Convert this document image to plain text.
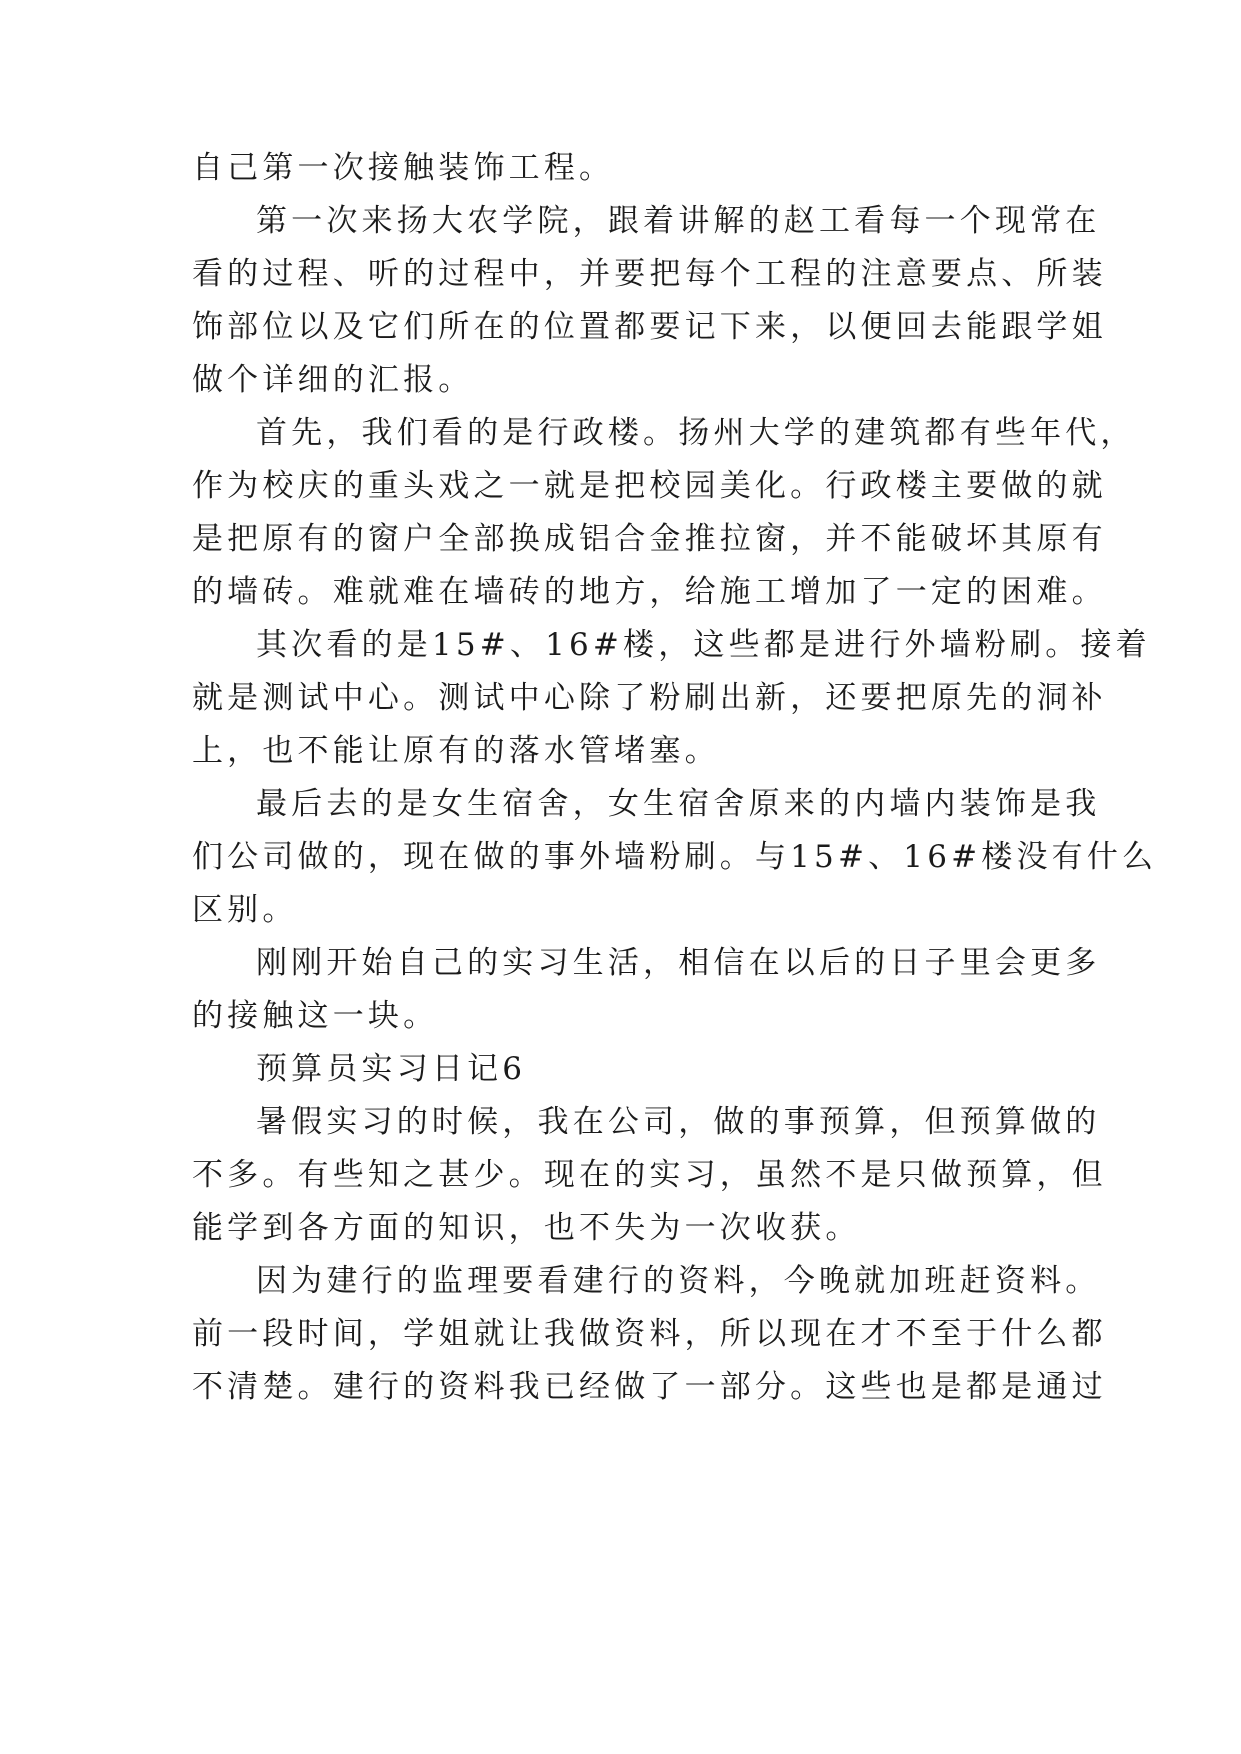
自己第一次接触装饰工程。
第一次来扬大农学院，跟着讲解的赵工看每一个现常在
看的过程、听的过程中，并要把每个工程的注意要点、所装
饰部位以及它们所在的位置都要记下来，以便回去能跟学姐
做个详细的汇报。
首先，我们看的是行政楼。扬州大学的建筑都有些年代，
作为校庆的重头戏之一就是把校园美化。行政楼主要做的就
是把原有的窗户全部换成铝合金推拉窗，并不能破坏其原有
的墙砖。难就难在墙砖的地方，给施工增加了一定的困难。
其次看的是15#、16#楼，这些都是进行外墙粉刷。接着
就是测试中心。测试中心除了粉刷出新，还要把原先的洞补
上，也不能让原有的落水管堵塞。
最后去的是女生宿舍，女生宿舍原来的内墙内装饰是我
们公司做的，现在做的事外墙粉刷。与15#、16#楼没有什么
区别。
刚刚开始自己的实习生活，相信在以后的日子里会更多
的接触这一块。
预算员实习日记6
暑假实习的时候，我在公司，做的事预算，但预算做的
不多。有些知之甚少。现在的实习，虽然不是只做预算，但
能学到各方面的知识，也不失为一次收获。
因为建行的监理要看建行的资料，今晚就加班赶资料。
前一段时间，学姐就让我做资料，所以现在才不至于什么都
不清楚。建行的资料我已经做了一部分。这些也是都是通过
